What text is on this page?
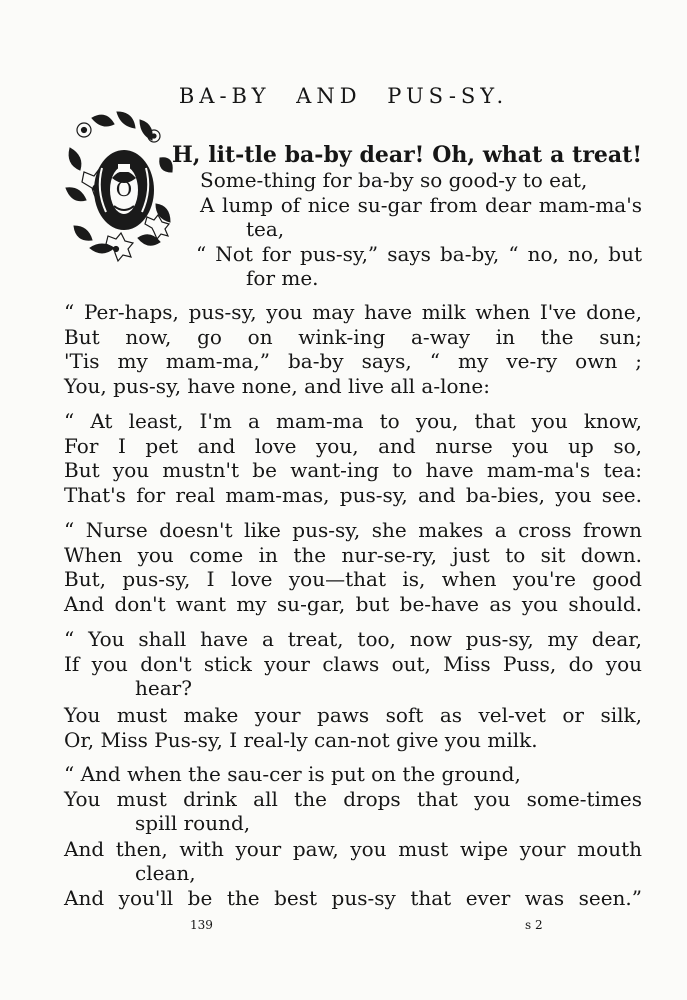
BA-BY AND PUS-SY.
O

H, lit-tle ba-by dear! Oh, what a treat!

Some-thing for ba-by so good-y to eat,

A lump of nice su-gar from dear mam-ma's

tea,

“ Not for pus-sy,” says ba-by, “ no, no, but

for me.

“ Per-haps, pus-sy, you may have milk when I've done,

But now, go on wink-ing a-way in the sun;

'Tis my mam-ma,” ba-by says, “ my ve-ry own ;

You, pus-sy, have none, and live all a-lone:

“ At least, I'm a mam-ma to you, that you know,

For I pet and love you, and nurse you up so,

But you mustn't be want-ing to have mam-ma's tea:

That's for real mam-mas, pus-sy, and ba-bies, you see.

“ Nurse doesn't like pus-sy, she makes a cross frown

When you come in the nur-se-ry, just to sit down.

But, pus-sy, I love you—that is, when you're good

And don't want my su-gar, but be-have as you should.

“ You shall have a treat, too, now pus-sy, my dear,

If you don't stick your claws out, Miss Puss, do you

hear?

You must make your paws soft as vel-vet or silk,

Or, Miss Pus-sy, I real-ly can-not give you milk.

“ And when the sau-cer is put on the ground,

You must drink all the drops that you some-times

spill round,

And then, with your paw, you must wipe your mouth

clean,

And you'll be the best pus-sy that ever was seen.”

139	s 2
